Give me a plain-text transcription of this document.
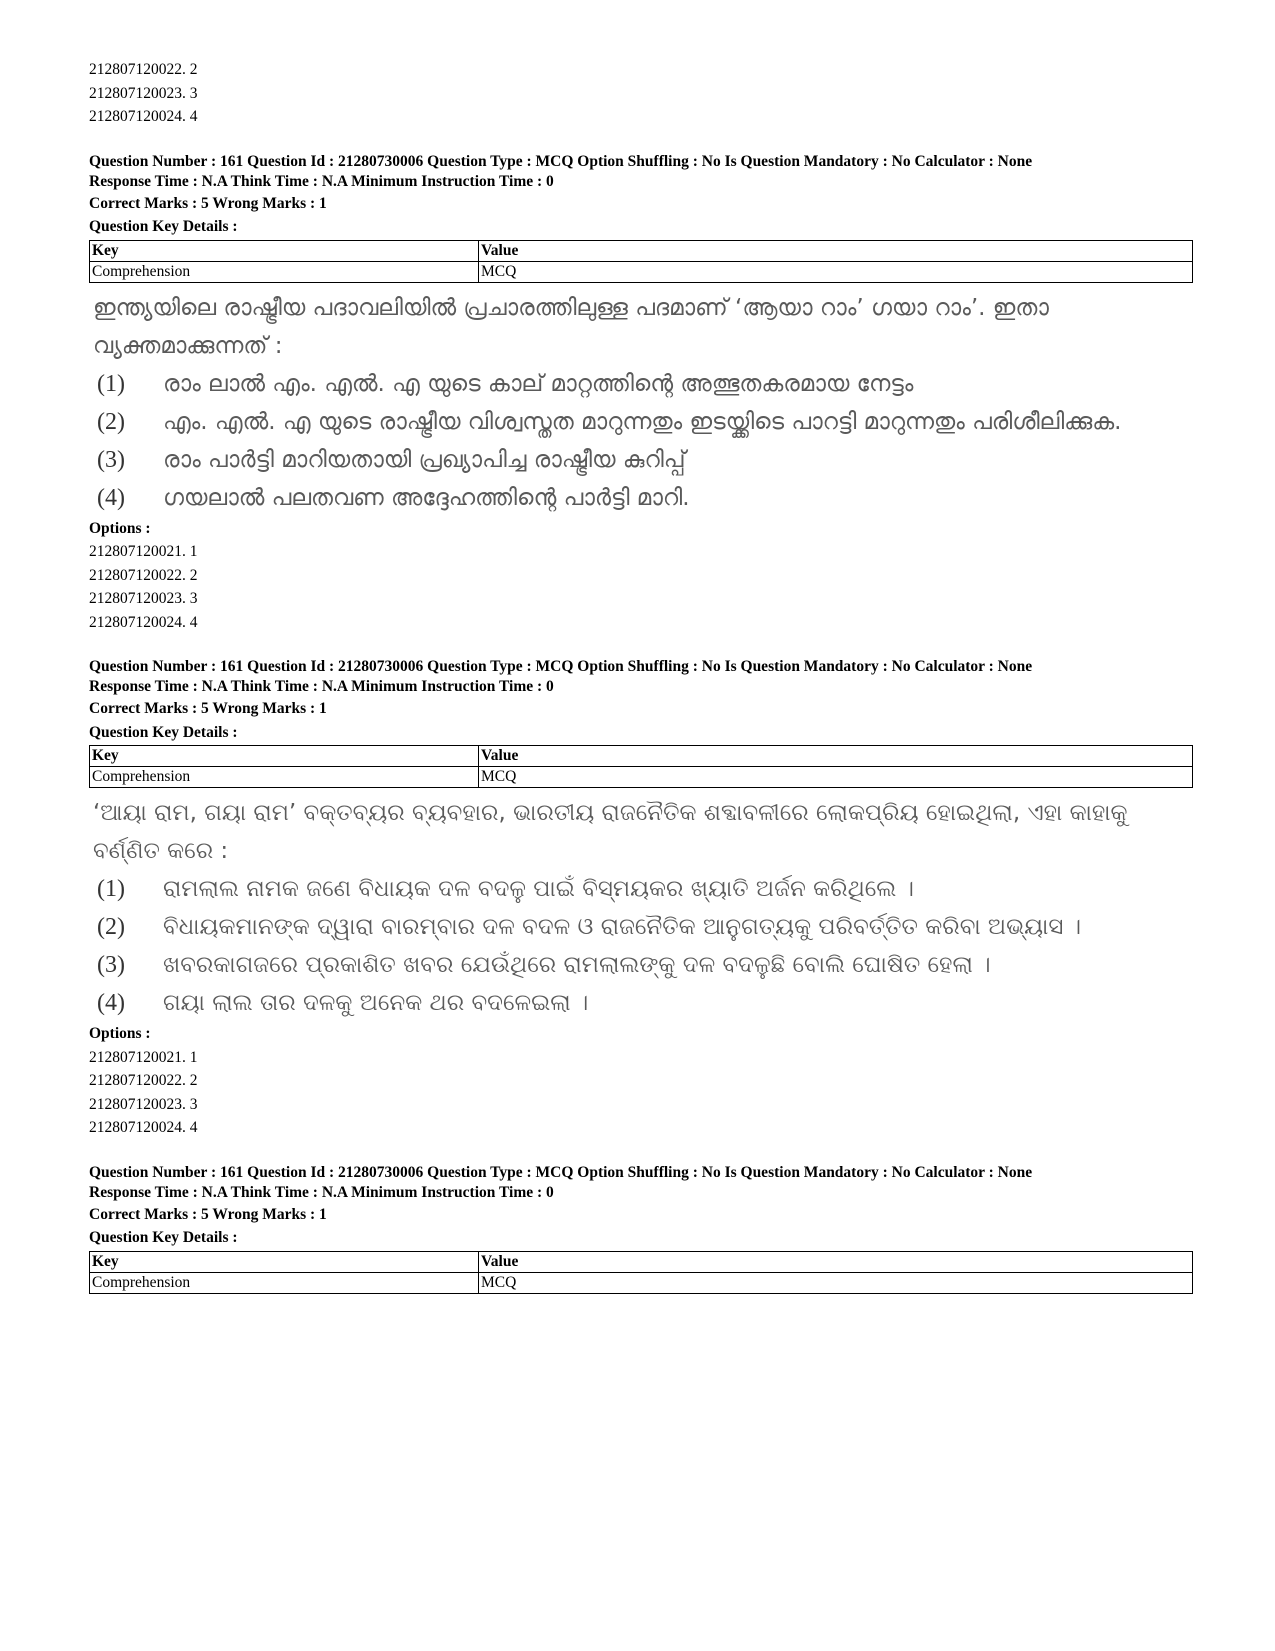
212807120022. 2
212807120023. 3
212807120024. 4
Question Number : 161 Question Id : 21280730006 Question Type : MCQ Option Shuffling : No Is Question Mandatory : No Calculator : None
Response Time : N.A Think Time : N.A Minimum Instruction Time : 0
Correct Marks : 5 Wrong Marks : 1
Question Key Details :
Key	Value
Comprehension	MCQ
ഇന്ത്യയിലെ രാഷ്ട്രീയ പദാവലിയിൽ പ്രചാരത്തിലുള്ള പദമാണ് ‘ആയാ റാം’ ഗയാ റാം’. ഇതാ വ്യക്തമാക്കുന്നത് :
(1)	രാം ലാൽ എം. എൽ. എ യുടെ കാല് മാറ്റത്തിന്റെ അത്ഭുതകരമായ നേട്ടം
(2)	എം. എൽ. എ യുടെ രാഷ്ട്രീയ വിശ്വസ്തത മാറുന്നതും ഇടയ്ക്കിടെ പാറട്ടി മാറുന്നതും പരിശീലിക്കുക.
(3)	രാം പാർട്ടി മാറിയതായി പ്രഖ്യാപിച്ച രാഷ്ട്രീയ കുറിപ്പ്
(4)	ഗയലാൽ പലതവണ അദ്ദേഹത്തിന്റെ പാർട്ടി മാറി.
Options :
212807120021. 1
212807120022. 2
212807120023. 3
212807120024. 4
Question Number : 161 Question Id : 21280730006 Question Type : MCQ Option Shuffling : No Is Question Mandatory : No Calculator : None
Response Time : N.A Think Time : N.A Minimum Instruction Time : 0
Correct Marks : 5 Wrong Marks : 1
Question Key Details :
Key	Value
Comprehension	MCQ
‘ଆୟା ରାମ, ଗୟା ରାମ’ ବକ୍ତବ୍ୟର ବ୍ୟବହାର, ଭାରତୀୟ ରାଜନୈତିକ ଶବ୍ଦାବଳୀରେ ଲୋକପ୍ରିୟ ହୋଇଥିଲା, ଏହା କାହାକୁ ବର୍ଣ୍ଣିତ କରେ :
(1)	ରାମଲାଲ ନାମକ ଜଣେ ବିଧାୟକ ଦଳ ବଦଳୁ ପାଇଁ ବିସ୍ମୟକର ଖ୍ୟାତି ଅର୍ଜନ କରିଥିଲେ ।
(2)	ବିଧାୟକମାନଙ୍କ ଦ୍ୱାରା ବାରମ୍ବାର ଦଳ ବଦଳ ଓ ରାଜନୈତିକ ଆନୁଗତ୍ୟକୁ ପରିବର୍ତ୍ତିତ କରିବା ଅଭ୍ୟାସ ।
(3)	ଖବରକାଗଜରେ ପ୍ରକାଶିତ ଖବର ଯେଉଁଥିରେ ରାମଲାଲଙ୍କୁ ଦଳ ବଦଳୁଛି ବୋଲି ଘୋଷିତ ହେଲା ।
(4)	ଗୟା ଲାଲ ତାର ଦଳକୁ ଅନେକ ଥର ବଦଳେଇଲା ।
Options :
212807120021. 1
212807120022. 2
212807120023. 3
212807120024. 4
Question Number : 161 Question Id : 21280730006 Question Type : MCQ Option Shuffling : No Is Question Mandatory : No Calculator : None
Response Time : N.A Think Time : N.A Minimum Instruction Time : 0
Correct Marks : 5 Wrong Marks : 1
Question Key Details :
Key	Value
Comprehension	MCQ
